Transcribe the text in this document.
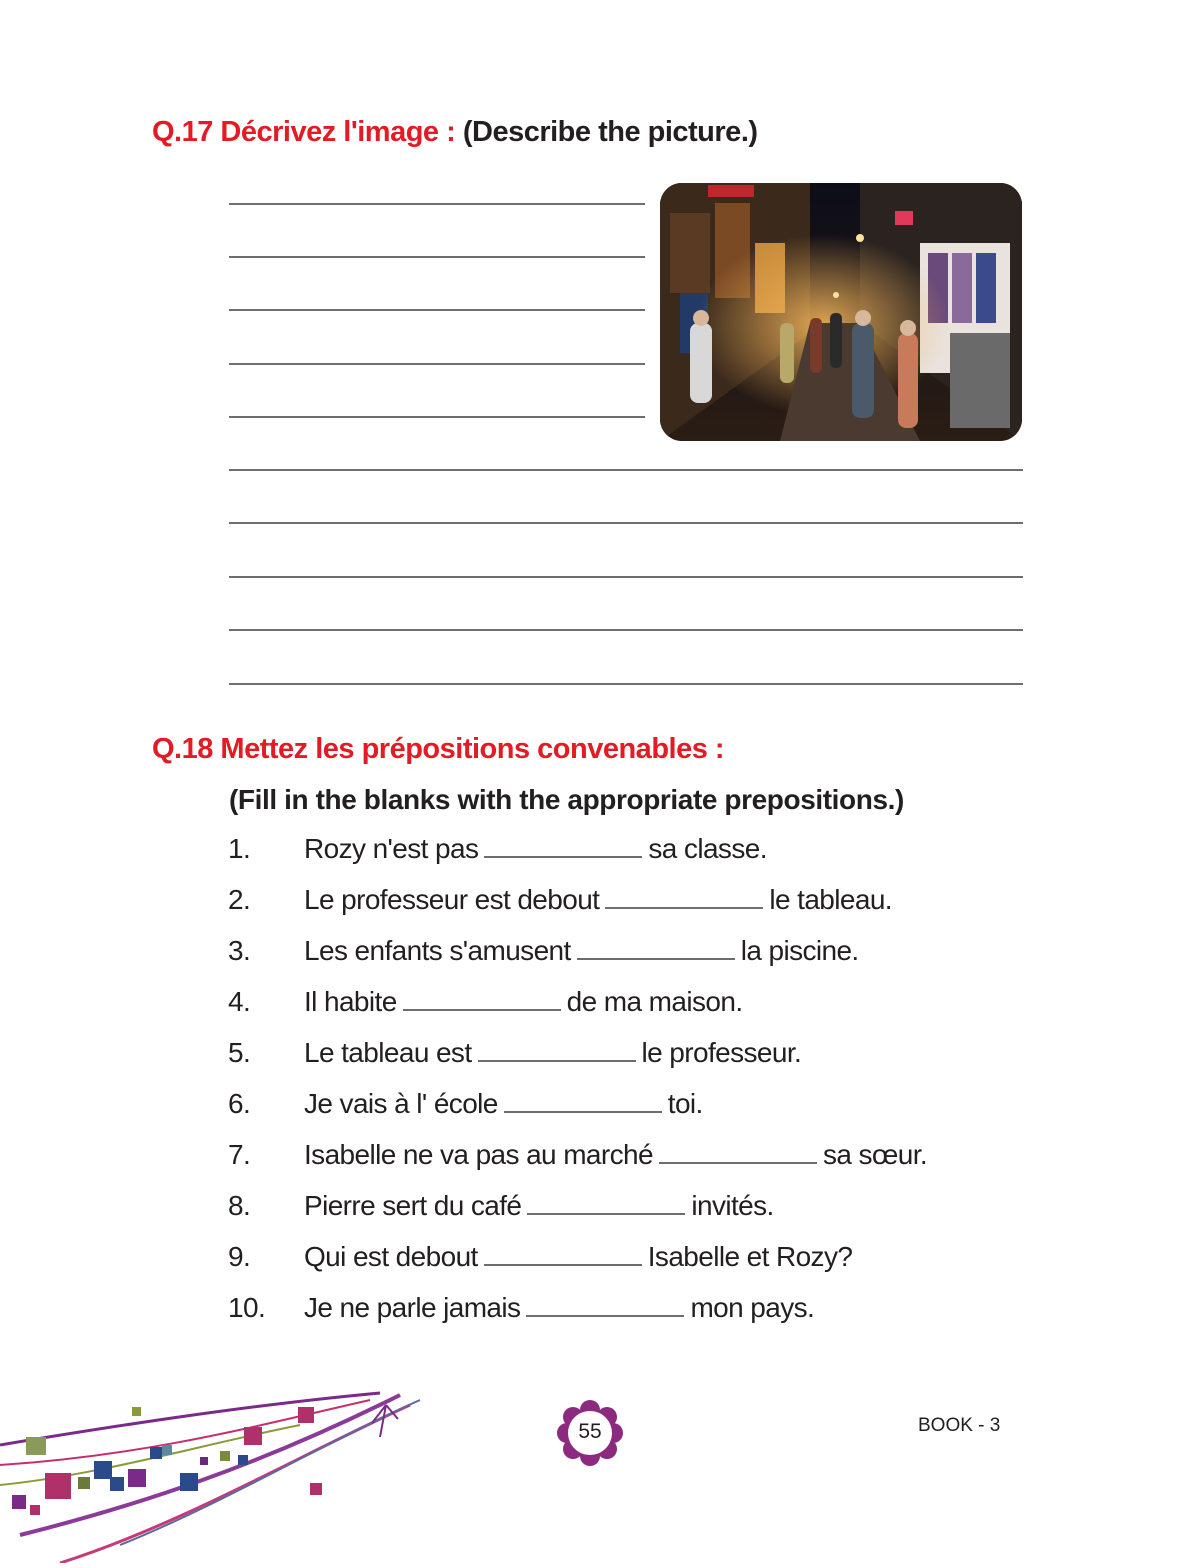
Q.17 Décrivez l'image : (Describe the picture.)
Q.18 Mettez les prépositions convenables :
(Fill in the blanks with the appropriate prepositions.)
1. Rozy n'est pas	sa classe.
2. Le professeur est debout	le tableau.
3. Les enfants s'amusent	la piscine.
4. Il habite	de ma maison.
5. Le tableau est	le professeur.
6. Je vais à l' école	toi.
7. Isabelle ne va pas au marché	sa sœur.
8. Pierre sert du café	invités.
9. Qui est debout	Isabelle et Rozy?
10. Je ne parle jamais	mon pays.
55	BOOK - 3
